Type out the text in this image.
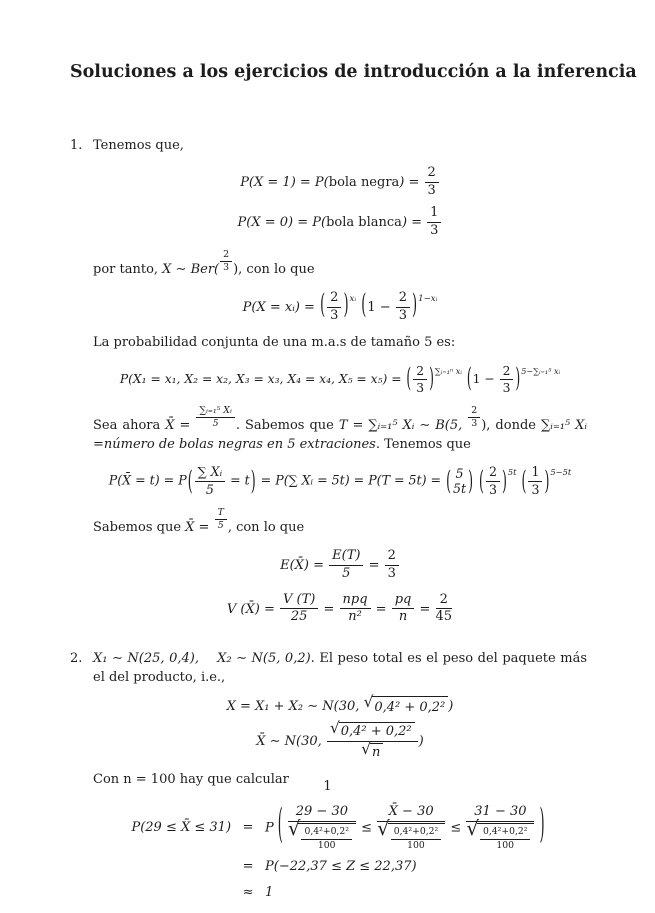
Soluciones a los ejercicios de introducción a la inferencia
1. Tenemos que,
P(X = 1) = P(bola negra) = $\frac{2}{3}$
P(X = 0) = P(bola blanca) = $\frac{1}{3}$
por tanto, X ∼ $Ber( \frac{2}{3}$ ), con lo que
P(X = xᵢ) = ( $\frac{2}{3} )^{xᵢ}$ $(1 - \frac{2}{3} )^{1-xᵢ}$
La probabilidad conjunta de una m.a.s de tamaño 5 es:
P(X₁ = x₁, X₂ = x₂, X₃ = x₃, X₄ = x₄, X₅ = x₅) = ( $\frac{2}{3} )^{\sum ᵢ_{=1}^n xᵢ}$ $(1 - \frac{2}{3} )^{5-\sum ᵢ_{=1}^5 xᵢ}$
Sea ahora X̄ = $\frac{\text{∑ᵢ₌₁⁵ Xᵢ}}{5}$ . Sabemos que T = ∑ᵢ₌₁⁵ Xᵢ ∼ B(5, $\frac{2}{3}$ ), donde ∑ᵢ₌₁⁵ Xᵢ =número de bolas negras en 5 extraciones. Tenemos que
P(X̄ = $t) = P( \frac{\text{∑ Xᵢ}}{5} = t) = P(\sum$ Xᵢ = 5t) = P(T = 5t) = ( 5
5t ) ( $\frac{2}{3} )^{5t}$ ( $\frac{1}{3} )^{5-5t}$
Sabemos que X̄ = $\frac{T}{5}$ , con lo que
E(X̄) = $\frac{E(T)}{5} = \frac{2}{3}$
V (X̄) = $\frac{V (T)}{25} = \frac{\text{npq}}{\text{n²}} = \frac{pq}{n} = \frac{2}{45}$
2. X₁ ∼ N(25, 0,4),    X₂ ∼ N(5, 0,2). El peso total es el peso del paquete más el del producto, i.e.,
X = X₁ + X₂ ∼ N(30, √ 0,4² + 0,2² )
X̄ ∼ N(30, $\frac{\text{√ 0,4² + 0,2²}}{√ n}$ )
Con n = 100 hay que calcular
P(29 ≤ X̄ ≤ 31) = P ( $\frac{29 - 30}{√ \frac{\text{0,4²+0,2²}}{100}} \le \frac{X̄ - 30}{√ \frac{\text{0,4²+0,2²}}{100}} \le \frac{31 - 30}{√ \frac{\text{0,4²+0,2²}}{100}}$ )
= P(−22,37 ≤ Z ≤ 22,37)
≈ 1
1
